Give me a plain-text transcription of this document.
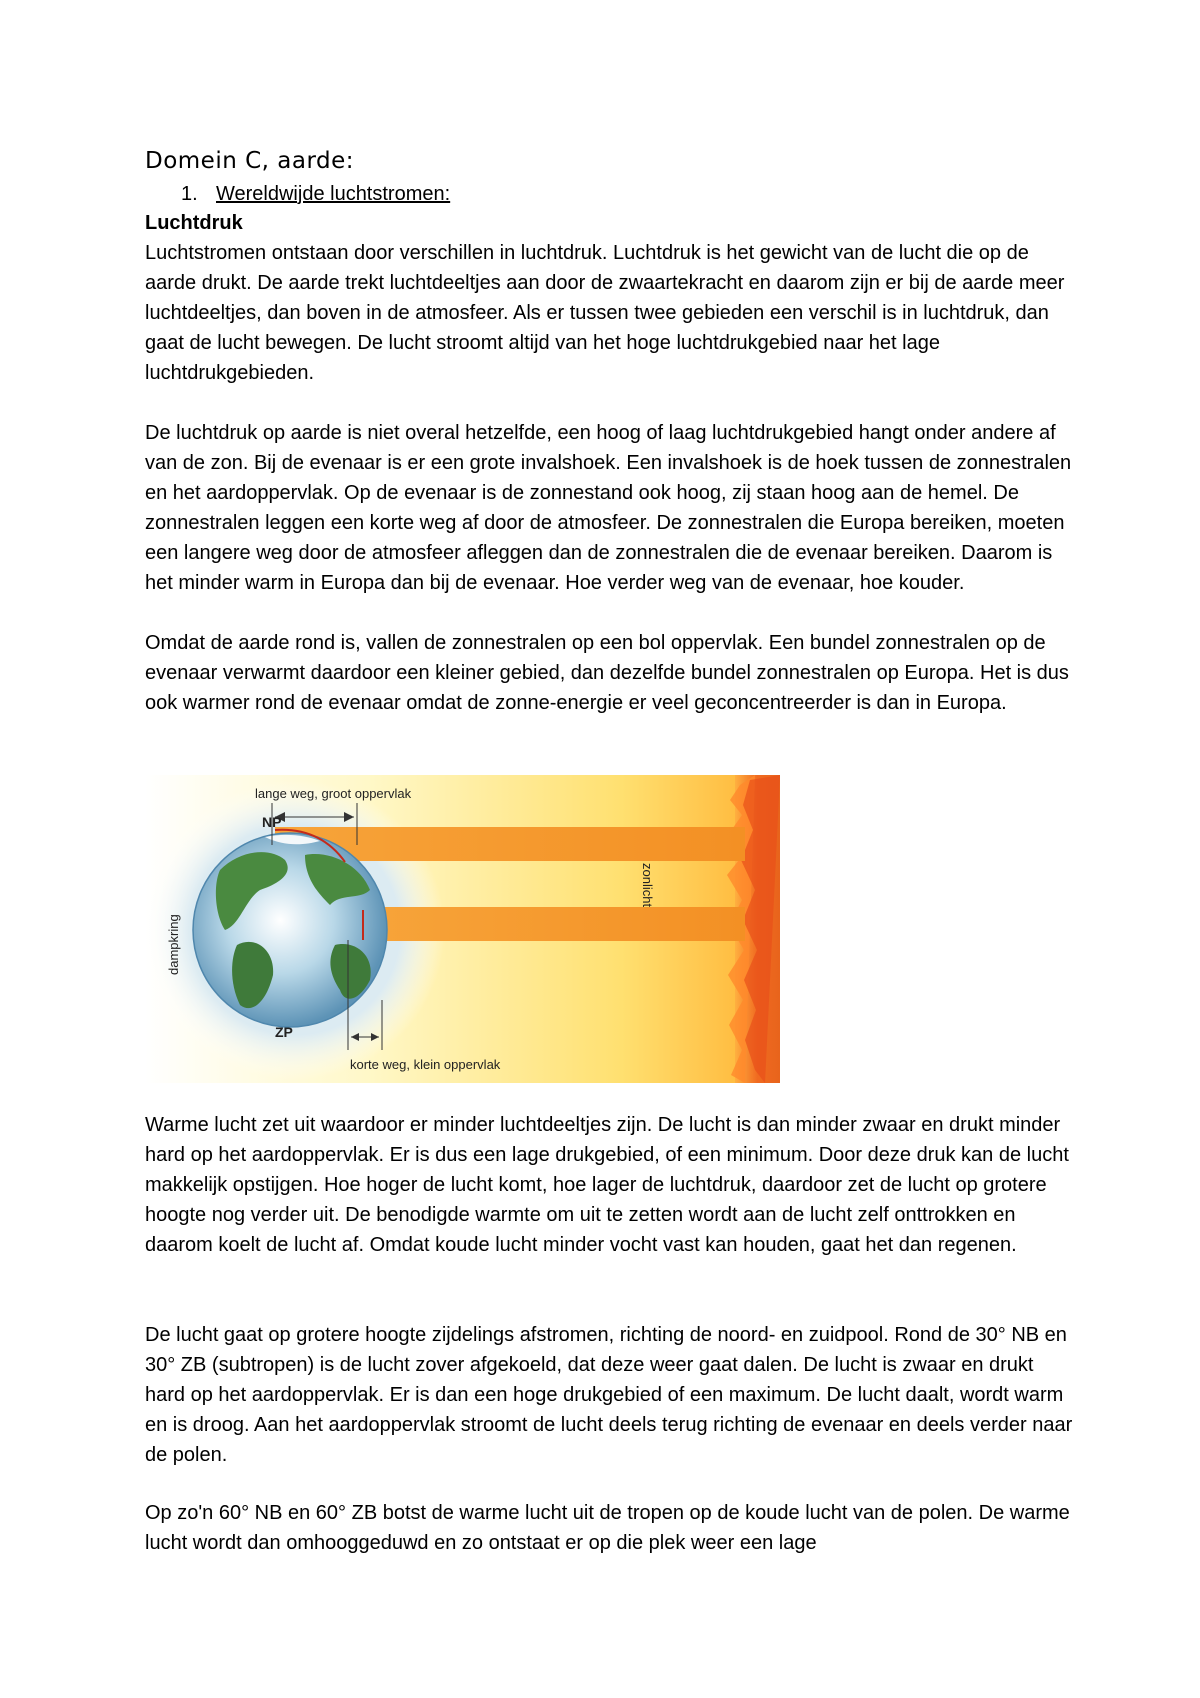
Domein C, aarde:
1. Wereldwijde luchtstromen:
Luchtdruk

Luchtstromen ontstaan door verschillen in luchtdruk. Luchtdruk is het gewicht van de lucht die op de aarde drukt. De aarde trekt luchtdeeltjes aan door de zwaartekracht en daarom zijn er bij de aarde meer luchtdeeltjes, dan boven in de atmosfeer. Als er tussen twee gebieden een verschil is in luchtdruk, dan gaat de lucht bewegen. De lucht stroomt altijd van het hoge luchtdrukgebied naar het lage luchtdrukgebieden.

De luchtdruk op aarde is niet overal hetzelfde, een hoog of laag luchtdrukgebied hangt onder andere af van de zon. Bij de evenaar is er een grote invalshoek. Een invalshoek is de hoek tussen de zonnestralen en het aardoppervlak. Op de evenaar is de zonnestand ook hoog, zij staan hoog aan de hemel. De zonnestralen leggen een korte weg af door de atmosfeer. De zonnestralen die Europa bereiken, moeten een langere weg door de atmosfeer afleggen dan de zonnestralen die de evenaar bereiken. Daarom is het minder warm in Europa dan bij de evenaar. Hoe verder weg van de evenaar, hoe kouder.

Omdat de aarde rond is, vallen de zonnestralen op een bol oppervlak. Een bundel zonnestralen op de evenaar verwarmt daardoor een kleiner gebied, dan dezelfde bundel zonnestralen op Europa. Het is dus ook warmer rond de evenaar omdat de zonne-energie er veel geconcentreerder is dan in Europa.

Warme lucht zet uit waardoor er minder luchtdeeltjes zijn. De lucht is dan minder zwaar en drukt minder hard op het aardoppervlak. Er is dus een lage drukgebied, of een minimum. Door deze druk kan de lucht makkelijk opstijgen. Hoe hoger de lucht komt, hoe lager de luchtdruk, daardoor zet de lucht op grotere hoogte nog verder uit. De benodigde warmte om uit te zetten wordt aan de lucht zelf onttrokken en daarom koelt de lucht af. Omdat koude lucht minder vocht vast kan houden, gaat het dan regenen.

De lucht gaat op grotere hoogte zijdelings afstromen, richting de noord- en zuidpool. Rond de 30° NB en 30° ZB (subtropen) is de lucht zover afgekoeld, dat deze weer gaat dalen. De lucht is zwaar en drukt hard op het aardoppervlak. Er is dan een hoge drukgebied of een maximum. De lucht daalt, wordt warm en is droog. Aan het aardoppervlak stroomt de lucht deels terug richting de evenaar en deels verder naar de polen.

Op zo'n 60° NB en 60° ZB botst de warme lucht uit de tropen op de koude lucht van de polen. De warme lucht wordt dan omhooggeduwd en zo ontstaat er op die plek weer een lage

lange weg, groot oppervlak
NP
ZP
korte weg, klein oppervlak
dampkring
zonlicht
